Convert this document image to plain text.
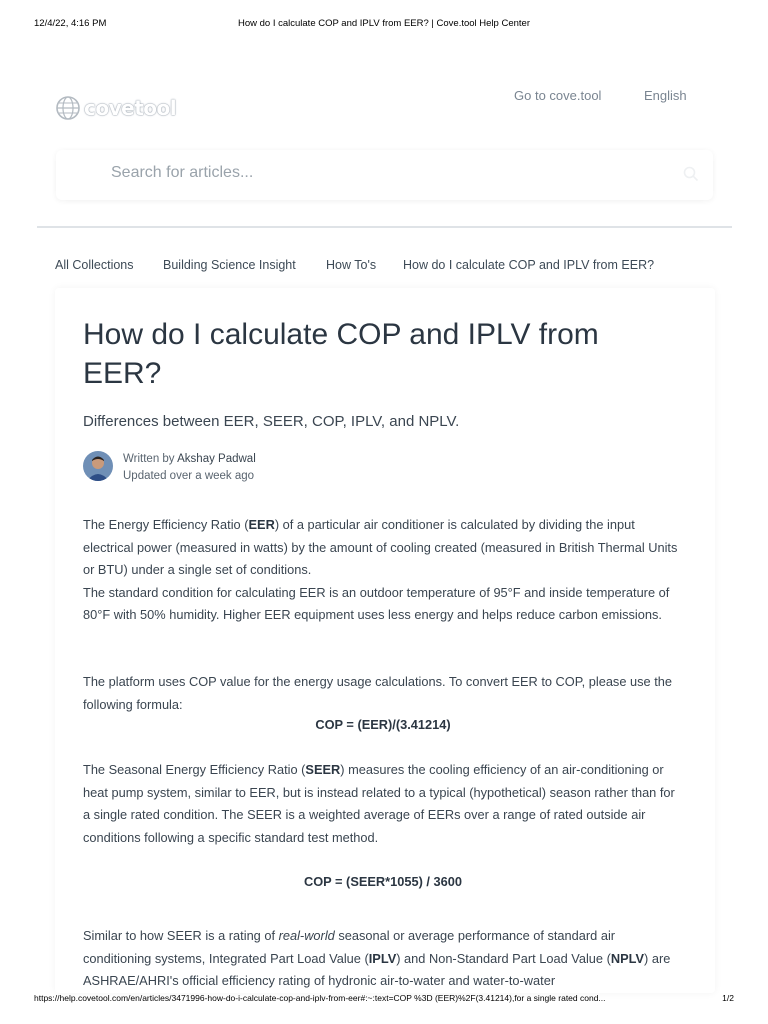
12/4/22, 4:16 PM	How do I calculate COP and IPLV from EER? | Cove.tool Help Center
covetool
Go to cove.tool	English
Search for articles...
All Collections Building Science Insight How To's How do I calculate COP and IPLV from EER?
How do I calculate COP and IPLV from EER?
Differences between EER, SEER, COP, IPLV, and NPLV.
Written by Akshay Padwal
Updated over a week ago

The Energy Efficiency Ratio (EER) of a particular air conditioner is calculated by dividing the input electrical power (measured in watts) by the amount of cooling created (measured in British Thermal Units or BTU) under a single set of conditions.
The standard condition for calculating EER is an outdoor temperature of 95°F and inside temperature of 80°F with 50% humidity. Higher EER equipment uses less energy and helps reduce carbon emissions.

The platform uses COP value for the energy usage calculations. To convert EER to COP, please use the following formula:

COP = (EER)/(3.41214)

The Seasonal Energy Efficiency Ratio (SEER) measures the cooling efficiency of an air-conditioning or heat pump system, similar to EER, but is instead related to a typical (hypothetical) season rather than for a single rated condition. The SEER is a weighted average of EERs over a range of rated outside air conditions following a specific standard test method.

COP = (SEER*1055) / 3600

Similar to how SEER is a rating of real-world seasonal or average performance of standard air conditioning systems, Integrated Part Load Value (IPLV) and Non-Standard Part Load Value (NPLV) are ASHRAE/AHRI's official efficiency rating of hydronic air-to-water and water-to-water

https://help.covetool.com/en/articles/3471996-how-do-i-calculate-cop-and-iplv-from-eer#:~:text=COP %3D (EER)%2F(3.41214),for a single rated cond...	1/2
